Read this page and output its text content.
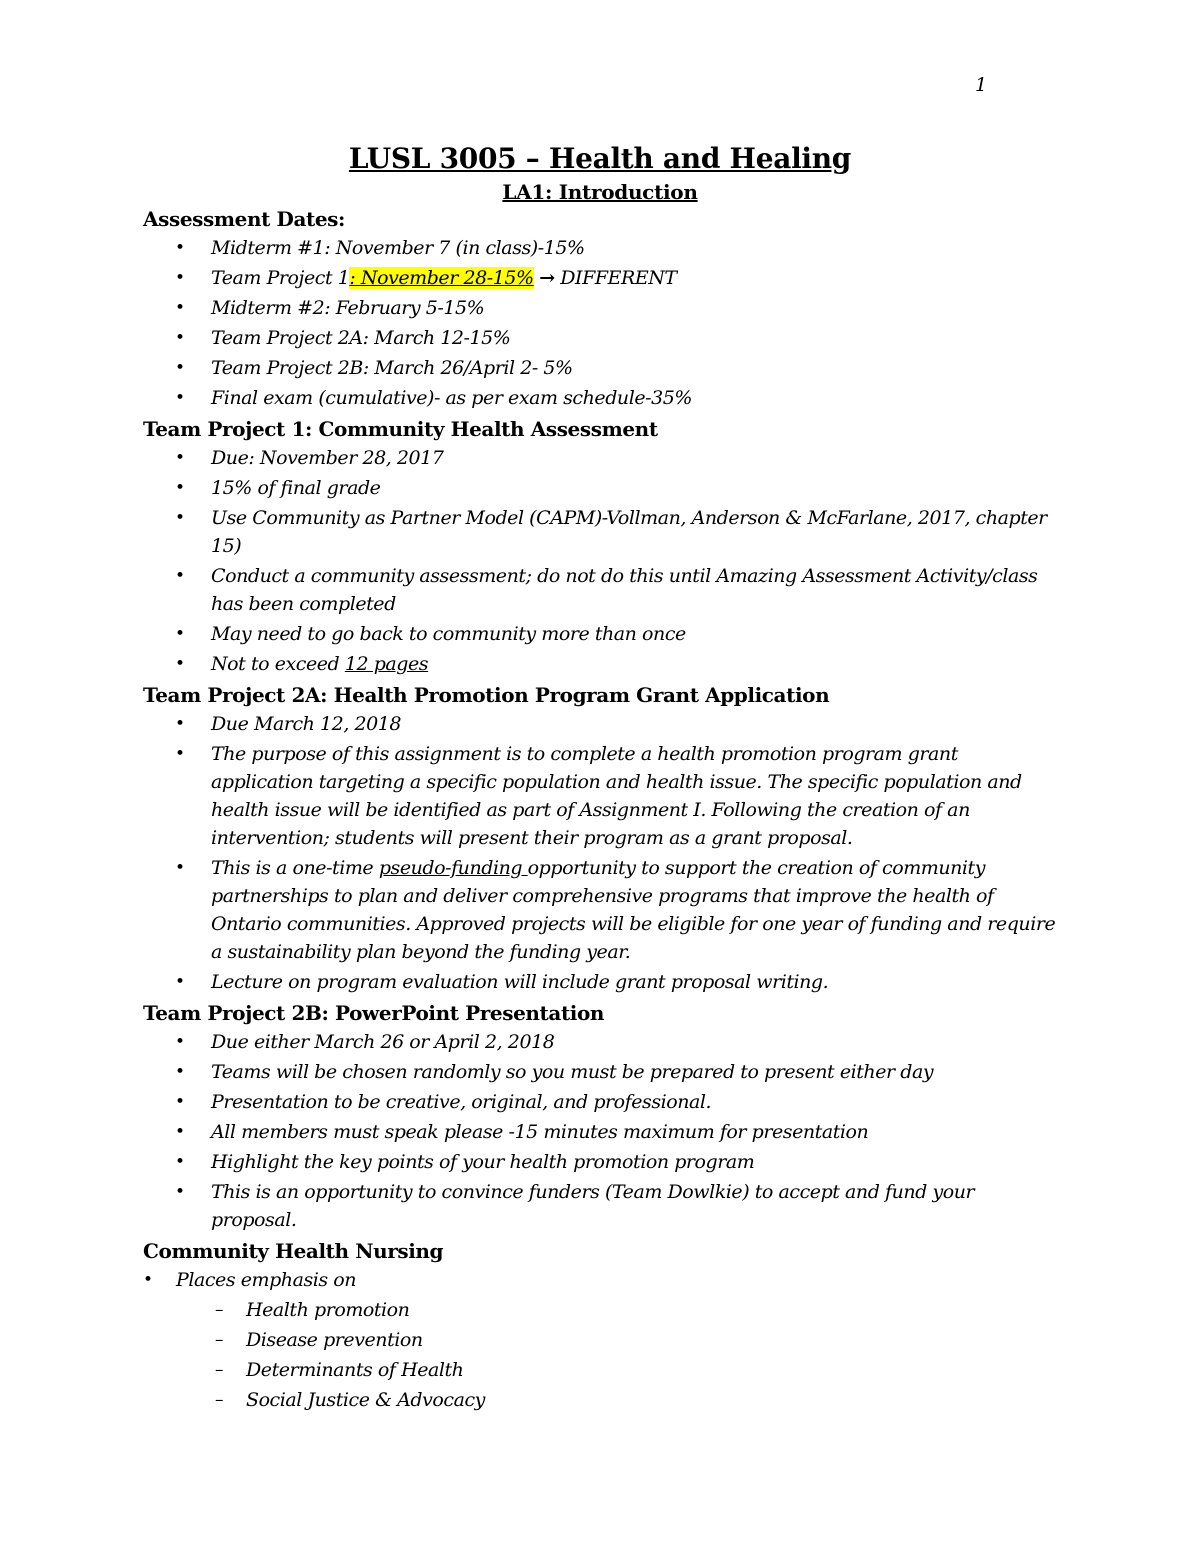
1
LUSL 3005 – Health and Healing
LA1: Introduction
Assessment Dates:
• Midterm #1: November 7 (in class)-15%
• Team Project 1: November 28-15% → DIFFERENT
• Midterm #2: February 5-15%
• Team Project 2A: March 12-15%
• Team Project 2B: March 26/April 2- 5%
• Final exam (cumulative)- as per exam schedule-35%
Team Project 1: Community Health Assessment
• Due: November 28, 2017
• 15% of final grade
• Use Community as Partner Model (CAPM)-Vollman, Anderson & McFarlane, 2017, chapter 15)
• Conduct a community assessment; do not do this until Amazing Assessment Activity/class has been completed
• May need to go back to community more than once
• Not to exceed 12 pages
Team Project 2A: Health Promotion Program Grant Application
• Due March 12, 2018
• The purpose of this assignment is to complete a health promotion program grant application targeting a specific population and health issue. The specific population and health issue will be identified as part of Assignment I. Following the creation of an intervention; students will present their program as a grant proposal.
• This is a one-time pseudo-funding opportunity to support the creation of community partnerships to plan and deliver comprehensive programs that improve the health of Ontario communities. Approved projects will be eligible for one year of funding and require a sustainability plan beyond the funding year.
• Lecture on program evaluation will include grant proposal writing.
Team Project 2B: PowerPoint Presentation
• Due either March 26 or April 2, 2018
• Teams will be chosen randomly so you must be prepared to present either day
• Presentation to be creative, original, and professional.
• All members must speak please -15 minutes maximum for presentation
• Highlight the key points of your health promotion program
• This is an opportunity to convince funders (Team Dowlkie) to accept and fund your proposal.
Community Health Nursing
• Places emphasis on
– Health promotion
– Disease prevention
– Determinants of Health
– Social Justice & Advocacy
